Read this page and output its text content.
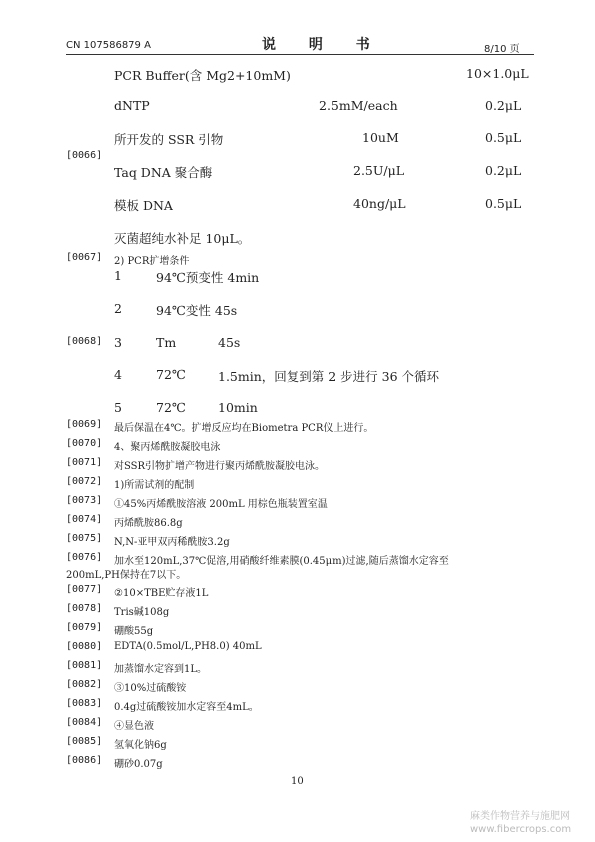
CN 107586879 A	说 明 书	8/10 页
PCR Buffer(含 Mg2+10mM)	10×1.0μL
dNTP	2.5mM/each	0.2μL
所开发的 SSR 引物	10uM	0.5μL
[0066]
Taq DNA 聚合酶	2.5U/μL	0.2μL
模板 DNA	40ng/μL	0.5μL
灭菌超纯水补足 10μL。
[0067] 2) PCR扩增条件
1	94℃预变性 4min
2	94℃变性 45s
[0068] 3	Tm	45s
4	72℃	1.5min，回复到第 2 步进行 36 个循环
5	72℃	10min
[0069] 最后保温在4℃。扩增反应均在Biometra PCR仪上进行。
[0070] 4、聚丙烯酰胺凝胶电泳
[0071] 对SSR引物扩增产物进行聚丙烯酰胺凝胶电泳。
[0072] 1)所需试剂的配制
[0073] ①45%丙烯酰胺溶液 200mL 用棕色瓶装置室温
[0074] 丙烯酰胺86.8g
[0075] N,N-亚甲双丙稀酰胺3.2g
[0076] 加水至120mL,37℃促溶,用硝酸纤维素膜(0.45μm)过滤,随后蒸馏水定容至
200mL,PH保持在7以下。
[0077] ②10×TBE贮存液1L
[0078] Tris碱108g
[0079] 硼酸55g
[0080] EDTA(0.5mol/L,PH8.0) 40mL
[0081] 加蒸馏水定容到1L。
[0082] ③10%过硫酸铵
[0083] 0.4g过硫酸铵加水定容至4mL。
[0084] ④显色液
[0085] 氢氧化钠6g
[0086] 硼砂0.07g
10
麻类作物营养与施肥网
www.fibercrops.com
